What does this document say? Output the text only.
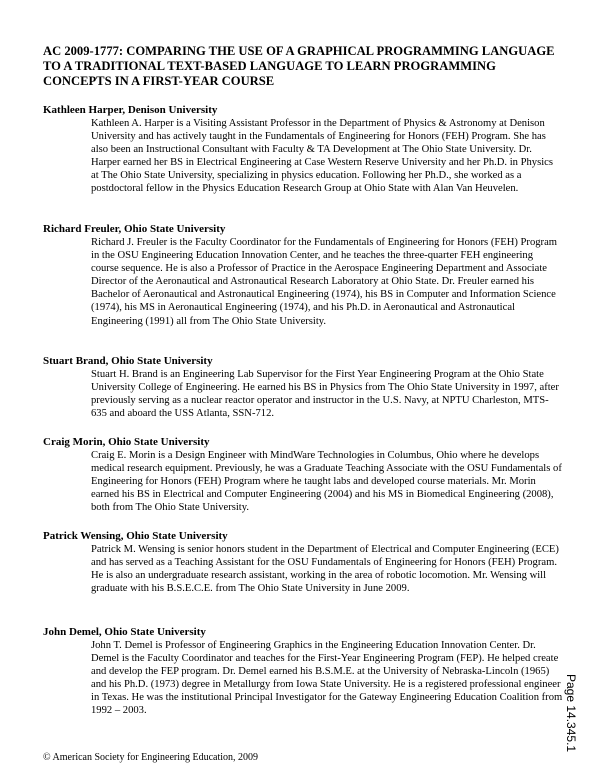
AC 2009-1777: COMPARING THE USE OF A GRAPHICAL PROGRAMMING LANGUAGE TO A TRADITIONAL TEXT-BASED LANGUAGE TO LEARN PROGRAMMING CONCEPTS IN A FIRST-YEAR COURSE

Kathleen Harper, Denison University

Kathleen A. Harper is a Visiting Assistant Professor in the Department of Physics & Astronomy at Denison University and has actively taught in the Fundamentals of Engineering for Honors (FEH) Program. She has also been an Instructional Consultant with Faculty & TA Development at The Ohio State University. Dr. Harper earned her BS in Electrical Engineering at Case Western Reserve University and her Ph.D. in Physics at The Ohio State University, specializing in physics education. Following her Ph.D., she worked as a postdoctoral fellow in the Physics Education Research Group at Ohio State with Alan Van Heuvelen.

Richard Freuler, Ohio State University

Richard J. Freuler is the Faculty Coordinator for the Fundamentals of Engineering for Honors (FEH) Program in the OSU Engineering Education Innovation Center, and he teaches the three-quarter FEH engineering course sequence. He is also a Professor of Practice in the Aerospace Engineering Department and Associate Director of the Aeronautical and Astronautical Research Laboratory at Ohio State. Dr. Freuler earned his Bachelor of Aeronautical and Astronautical Engineering (1974), his BS in Computer and Information Science (1974), his MS in Aeronautical Engineering (1974), and his Ph.D. in Aeronautical and Astronautical Engineering (1991) all from The Ohio State University.

Stuart Brand, Ohio State University

Stuart H. Brand is an Engineering Lab Supervisor for the First Year Engineering Program at the Ohio State University College of Engineering. He earned his BS in Physics from The Ohio State University in 1997, after previously serving as a nuclear reactor operator and instructor in the U.S. Navy, at NPTU Charleston, MTS-635 and aboard the USS Atlanta, SSN-712.

Craig Morin, Ohio State University

Craig E. Morin is a Design Engineer with MindWare Technologies in Columbus, Ohio where he develops medical research equipment. Previously, he was a Graduate Teaching Associate with the OSU Fundamentals of Engineering for Honors (FEH) Program where he taught labs and developed course materials. Mr. Morin earned his BS in Electrical and Computer Engineering (2004) and his MS in Biomedical Engineering (2008), both from The Ohio State University.

Patrick Wensing, Ohio State University

Patrick M. Wensing is senior honors student in the Department of Electrical and Computer Engineering (ECE) and has served as a Teaching Assistant for the OSU Fundamentals of Engineering for Honors (FEH) Program. He is also an undergraduate research assistant, working in the area of robotic locomotion. Mr. Wensing will graduate with his B.S.E.C.E. from The Ohio State University in June 2009.

John Demel, Ohio State University

John T. Demel is Professor of Engineering Graphics in the Engineering Education Innovation Center. Dr. Demel is the Faculty Coordinator and teaches for the First-Year Engineering Program (FEP). He helped create and develop the FEP program. Dr. Demel earned his B.S.M.E. at the University of Nebraska-Lincoln (1965) and his Ph.D. (1973) degree in Metallurgy from Iowa State University. He is a registered professional engineer in Texas. He was the institutional Principal Investigator for the Gateway Engineering Education Coalition from 1992 – 2003.

© American Society for Engineering Education, 2009
Page 14.345.1
